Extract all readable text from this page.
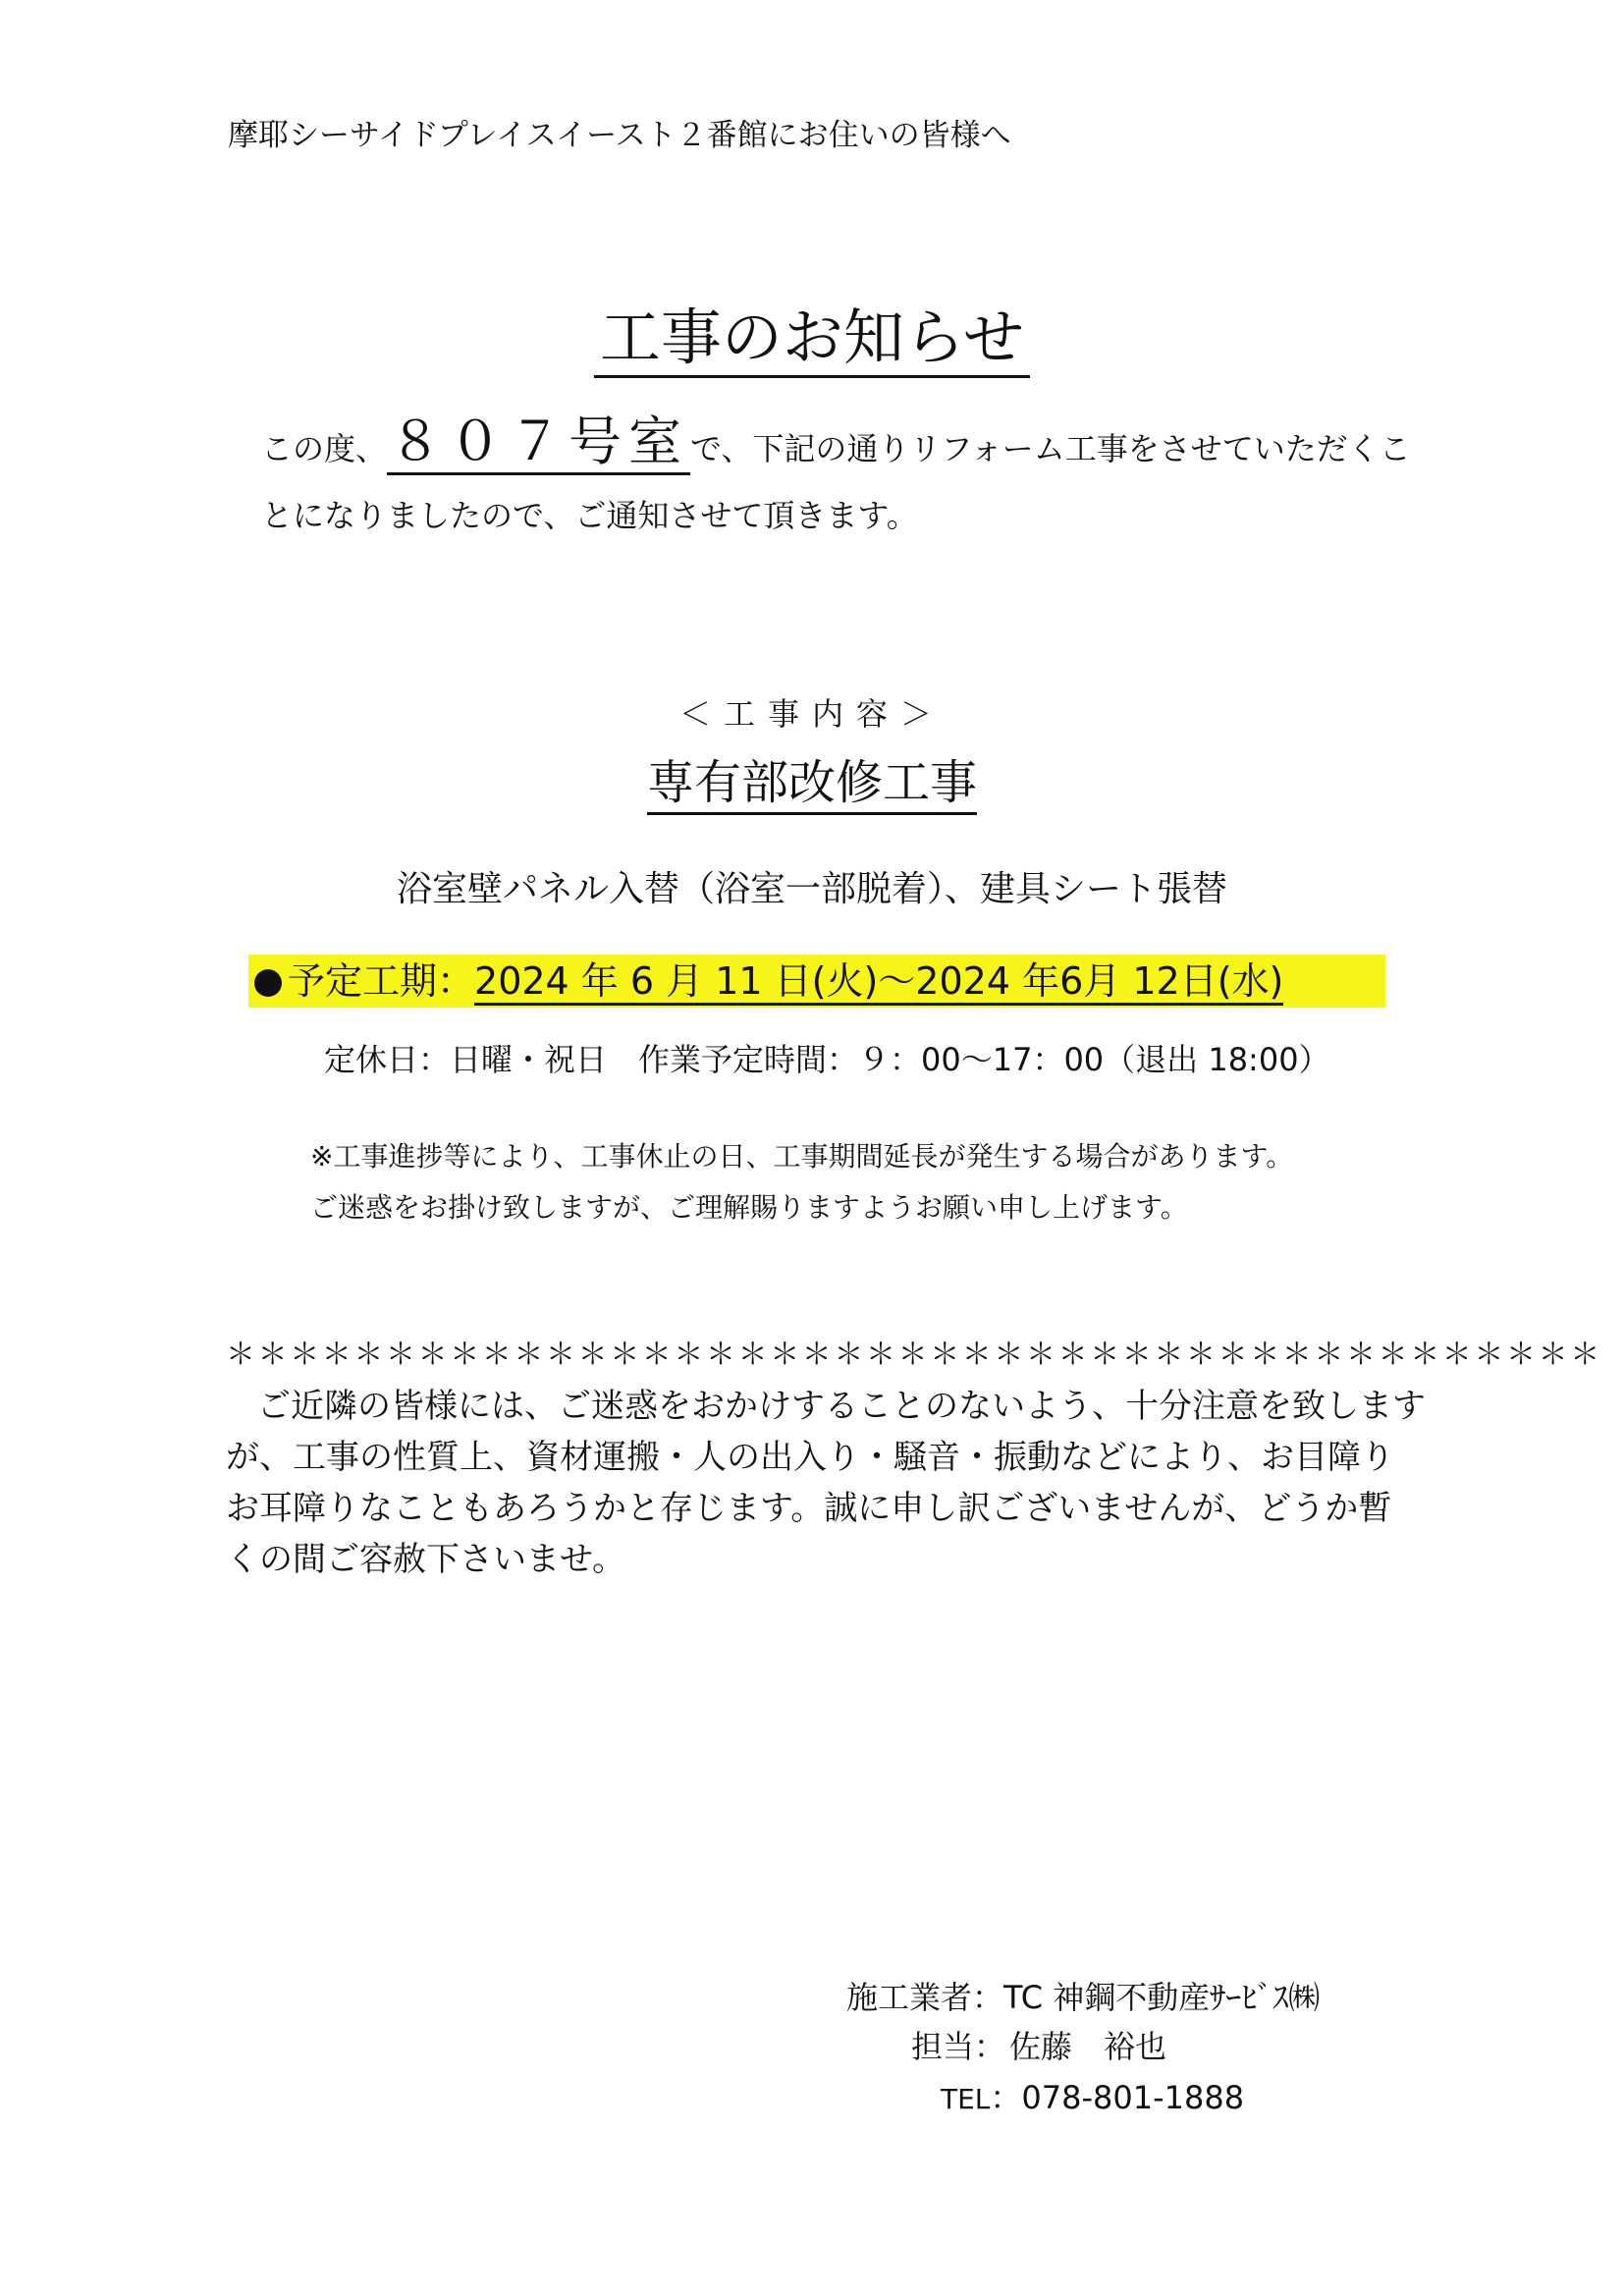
摩耶シーサイドプレイスイースト２番館にお住いの皆様へ
工事のお知らせ
この度、８０７号室で、下記の通りリフォーム工事をさせていただくこ
とになりましたので、ご通知させて頂きます。
＜工事内容＞
専有部改修工事
浴室壁パネル入替（浴室一部脱着）、建具シート張替
予定工期：2024 年 6 月 11 日(火)～2024 年6月 12日(水)
定休日：日曜・祝日　作業予定時間：９：00～17：00（退出 18:00）
※工事進捗等により、工事休止の日、工事期間延長が発生する場合があります。
ご迷惑をお掛け致しますが、ご理解賜りますようお願い申し上げます。
＊＊＊＊＊＊＊＊＊＊＊＊＊＊＊＊＊＊＊＊＊＊＊＊＊＊＊＊＊＊＊＊＊＊＊＊＊＊＊＊＊＊＊
ご近隣の皆様には、ご迷惑をおかけすることのないよう、十分注意を致します
が、工事の性質上、資材運搬・人の出入り・騒音・振動などにより、お目障り
お耳障りなこともあろうかと存じます。誠に申し訳ございませんが、どうか暫
くの間ご容赦下さいませ。
施工業者：TC 神鋼不動産ｻｰﾋﾞｽ㈱
担当： 佐藤 裕也
TEL：078-801-1888
